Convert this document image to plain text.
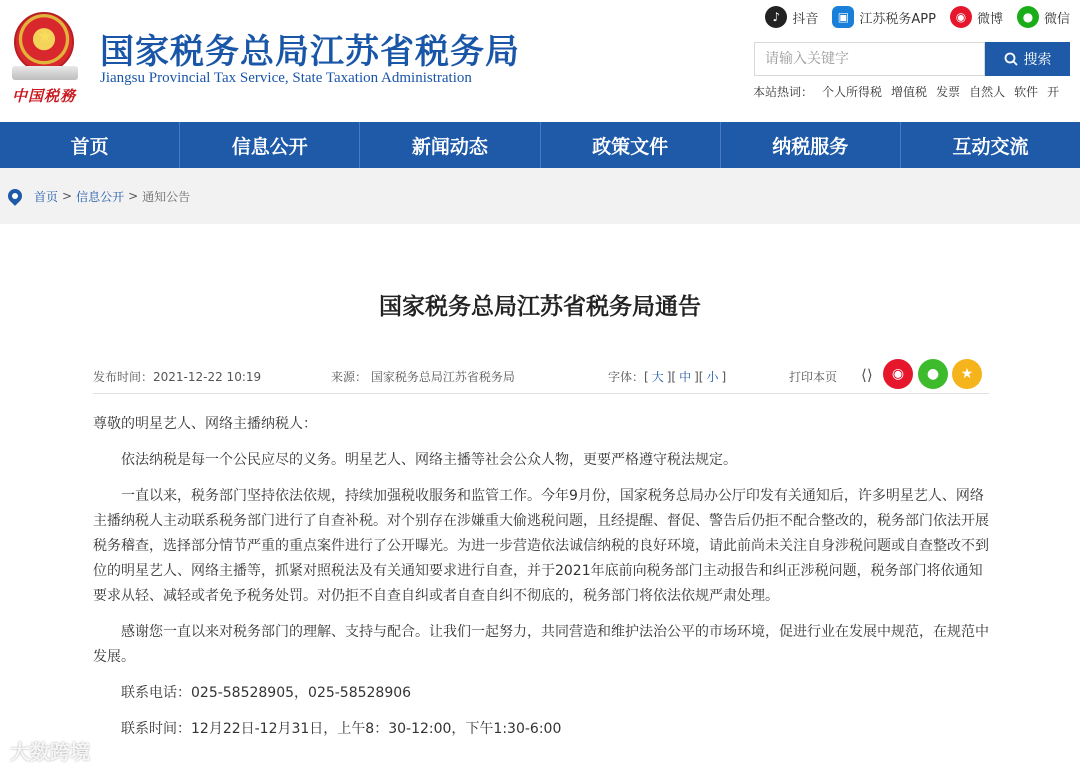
★
中国税務
国家税务总局江苏省税务局
Jiangsu Provincial Tax Service, State Taxation Administration
♪ 抖音	▣ 江苏税务APP	◉ 微博	● 微信
请输入关键字
搜索
本站热词： 个人所得税 增值税 发票 自然人 软件 开
首页	信息公开	新闻动态	政策文件	纳税服务	互动交流
首页 > 信息公开 > 通知公告
国家税务总局江苏省税务局通告
发布时间：2021-12-22 10:19	来源： 国家税务总局江苏省税务局	字体：[ 大 ][ 中 ][ 小 ]	打印本页 ⟨⟩	◉	●	★

尊敬的明星艺人、网络主播纳税人：

依法纳税是每一个公民应尽的义务。明星艺人、网络主播等社会公众人物，更要严格遵守税法规定。

一直以来，税务部门坚持依法依规，持续加强税收服务和监管工作。今年9月份，国家税务总局办公厅印发有关通知后，许多明星艺人、网络主播纳税人主动联系税务部门进行了自查补税。对个别存在涉嫌重大偷逃税问题，且经提醒、督促、警告后仍拒不配合整改的，税务部门依法开展税务稽查，选择部分情节严重的重点案件进行了公开曝光。为进一步营造依法诚信纳税的良好环境，请此前尚未关注自身涉税问题或自查整改不到位的明星艺人、网络主播等，抓紧对照税法及有关通知要求进行自查，并于2021年底前向税务部门主动报告和纠正涉税问题，税务部门将依通知要求从轻、减轻或者免予税务处罚。对仍拒不自查自纠或者自查自纠不彻底的，税务部门将依法依规严肃处理。

感谢您一直以来对税务部门的理解、支持与配合。让我们一起努力，共同营造和维护法治公平的市场环境，促进行业在发展中规范，在规范中发展。

联系电话：025-58528905，025-58528906

联系时间：12月22日-12月31日，上午8：30-12:00，下午1:30-6:00

大数跨境
